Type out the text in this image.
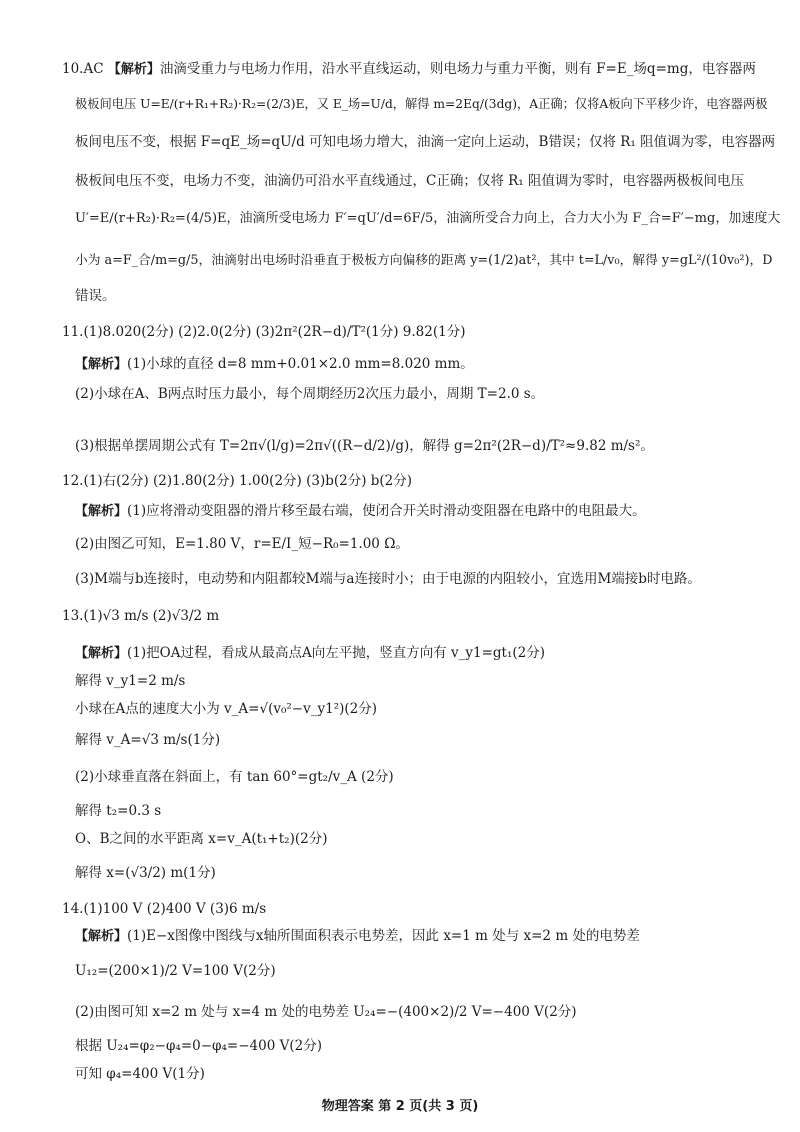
10.AC 【解析】油滴受重力与电场力作用，沿水平直线运动，则电场力与重力平衡，则有 F=E_场q=mg，电容器两
极板间电压 U=E/(r+R₁+R₂)·R₂=(2/3)E，又 E_场=U/d，解得 m=2Eq/(3dg)，A正确；仅将A板向下平移少许，电容器两极
板间电压不变，根据 F=qE_场=qU/d 可知电场力增大，油滴一定向上运动，B错误；仅将 R₁ 阻值调为零，电容器两
极板间电压不变，电场力不变，油滴仍可沿水平直线通过，C正确；仅将 R₁ 阻值调为零时，电容器两极板间电压
U′=E/(r+R₂)·R₂=(4/5)E，油滴所受电场力 F′=qU′/d=6F/5，油滴所受合力向上，合力大小为 F_合=F′−mg，加速度大
小为 a=F_合/m=g/5，油滴射出电场时沿垂直于极板方向偏移的距离 y=(1/2)at²，其中 t=L/v₀，解得 y=gL²/(10v₀²)，D
错误。
11.(1)8.020(2分) (2)2.0(2分) (3)2π²(2R−d)/T²(1分) 9.82(1分)
【解析】(1)小球的直径 d=8 mm+0.01×2.0 mm=8.020 mm。
(2)小球在A、B两点时压力最小，每个周期经历2次压力最小，周期 T=2.0 s。
(3)根据单摆周期公式有 T=2π√(l/g)=2π√((R−d/2)/g)，解得 g=2π²(2R−d)/T²≈9.82 m/s²。
12.(1)右(2分) (2)1.80(2分) 1.00(2分) (3)b(2分) b(2分)
【解析】(1)应将滑动变阻器的滑片移至最右端，使闭合开关时滑动变阻器在电路中的电阻最大。
(2)由图乙可知，E=1.80 V，r=E/I_短−R₀=1.00 Ω。
(3)M端与b连接时，电动势和内阻都较M端与a连接时小；由于电源的内阻较小，宜选用M端接b时电路。
13.(1)√3 m/s (2)√3/2 m
【解析】(1)把OA过程，看成从最高点A向左平抛，竖直方向有 v_y1=gt₁(2分)
解得 v_y1=2 m/s
小球在A点的速度大小为 v_A=√(v₀²−v_y1²)(2分)
解得 v_A=√3 m/s(1分)
(2)小球垂直落在斜面上，有 tan 60°=gt₂/v_A (2分)
解得 t₂=0.3 s
O、B之间的水平距离 x=v_A(t₁+t₂)(2分)
解得 x=(√3/2) m(1分)
14.(1)100 V (2)400 V (3)6 m/s
【解析】(1)E−x图像中图线与x轴所围面积表示电势差，因此 x=1 m 处与 x=2 m 处的电势差
U₁₂=(200×1)/2 V=100 V(2分)
(2)由图可知 x=2 m 处与 x=4 m 处的电势差 U₂₄=−(400×2)/2 V=−400 V(2分)
根据 U₂₄=φ₂−φ₄=0−φ₄=−400 V(2分)
可知 φ₄=400 V(1分)
物理答案 第 2 页(共 3 页)
